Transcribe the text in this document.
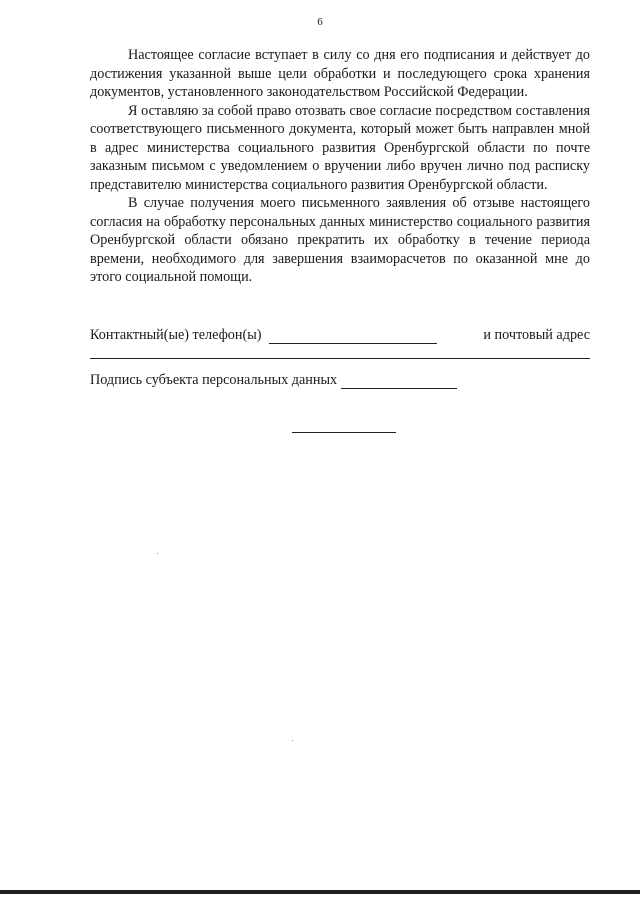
6

Настоящее согласие вступает в силу со дня его подписания и действует до достижения указанной выше цели обработки и последующего срока хранения документов, установленного законодательством Российской Федерации.

Я оставляю за собой право отозвать свое согласие посредством составления соответствующего письменного документа, который может быть направлен мной в адрес министерства социального развития Оренбургской области по почте заказным письмом с уведомлением о вручении либо вручен лично под расписку представителю министерства социального развития Оренбургской области.

В случае получения моего письменного заявления об отзыве настоящего согласия на обработку персональных данных министерство социального развития Оренбургской области обязано прекратить их обработку в течение периода времени, необходимого для завершения взаиморасчетов по оказанной мне до этого социальной помощи.

Контактный(ые) телефон(ы)	и почтовый адрес
Подпись субъекта персональных данных
